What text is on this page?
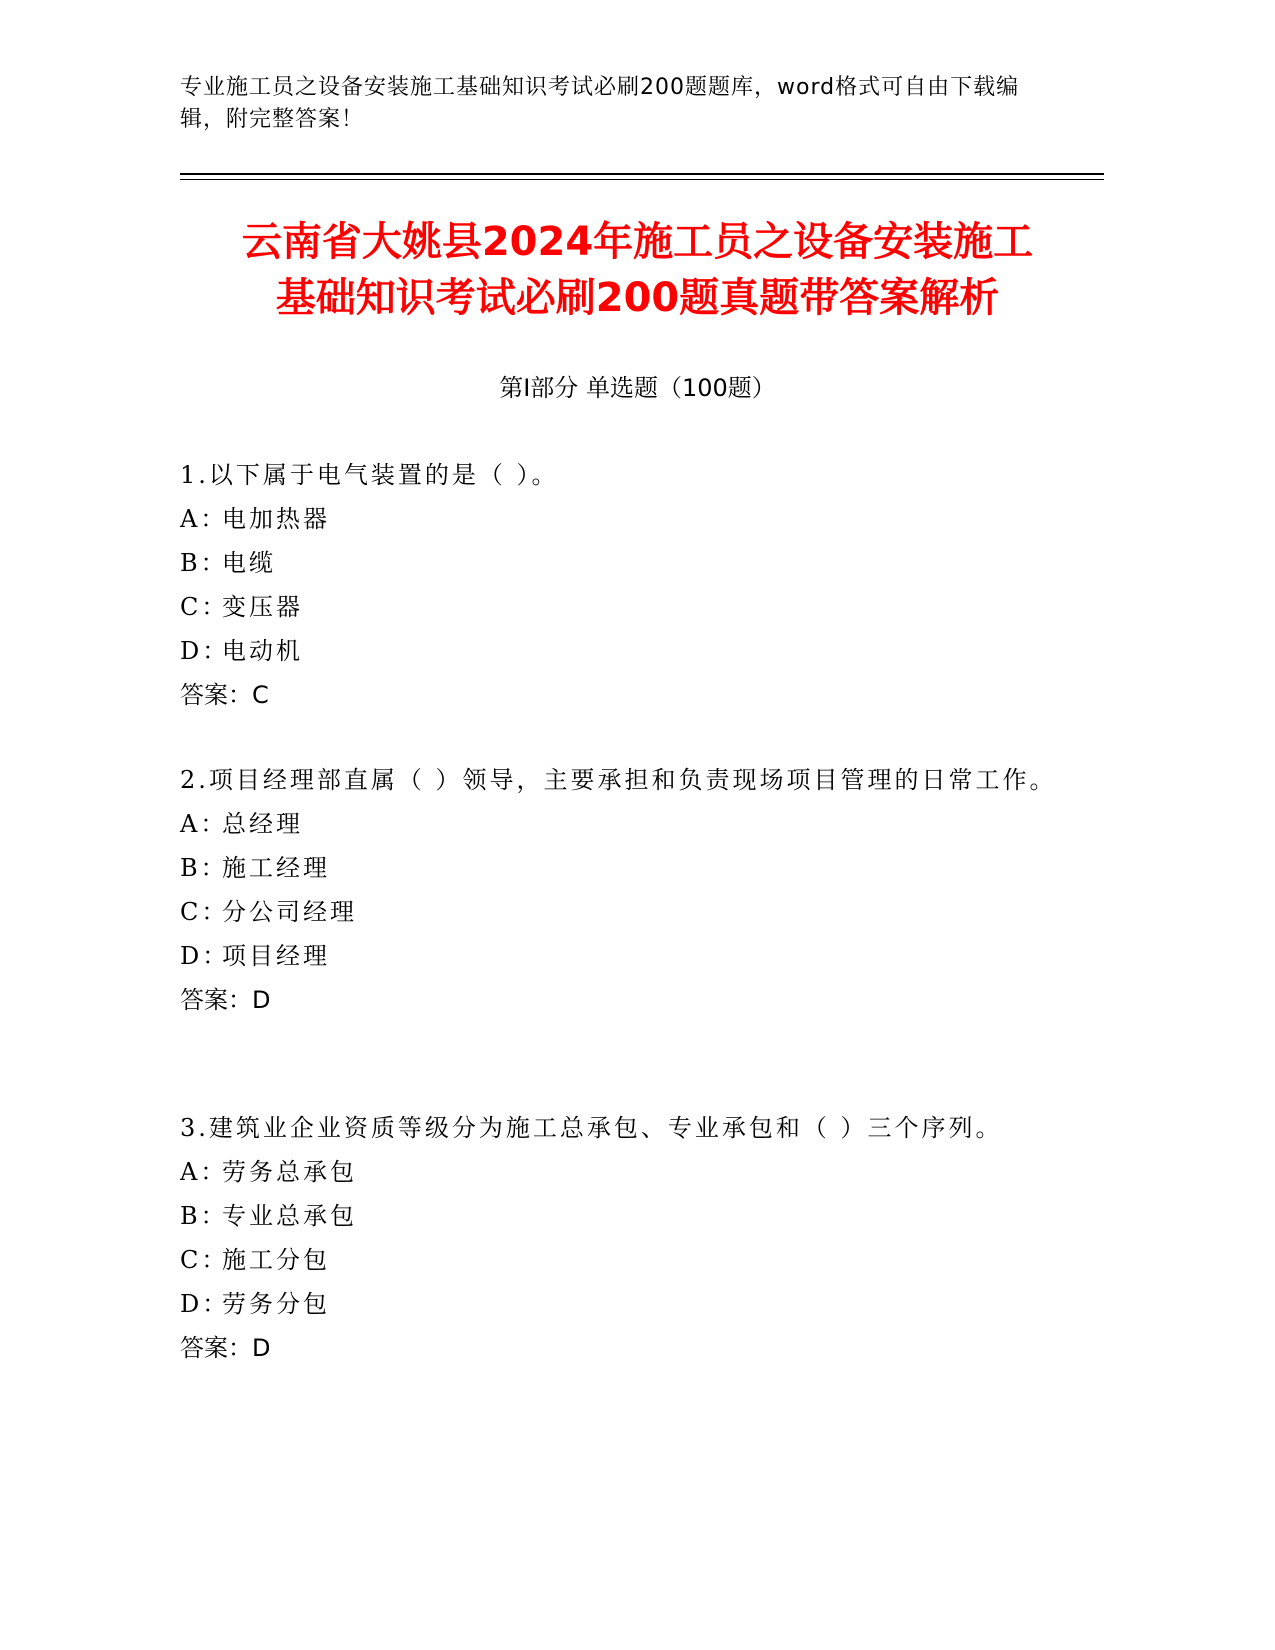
专业施工员之设备安装施工基础知识考试必刷200题题库，word格式可自由下载编辑，附完整答案！
云南省大姚县2024年施工员之设备安装施工
基础知识考试必刷200题真题带答案解析
第Ⅰ部分 单选题（100题）

1.以下属于电气装置的是（ ）。

A：电加热器

B：电缆

C：变压器

D：电动机

答案：C

2.项目经理部直属（ ）领导，主要承担和负责现场项目管理的日常工作。

A：总经理

B：施工经理

C：分公司经理

D：项目经理

答案：D

3.建筑业企业资质等级分为施工总承包、专业承包和（ ）三个序列。

A：劳务总承包

B：专业总承包

C：施工分包

D：劳务分包

答案：D
